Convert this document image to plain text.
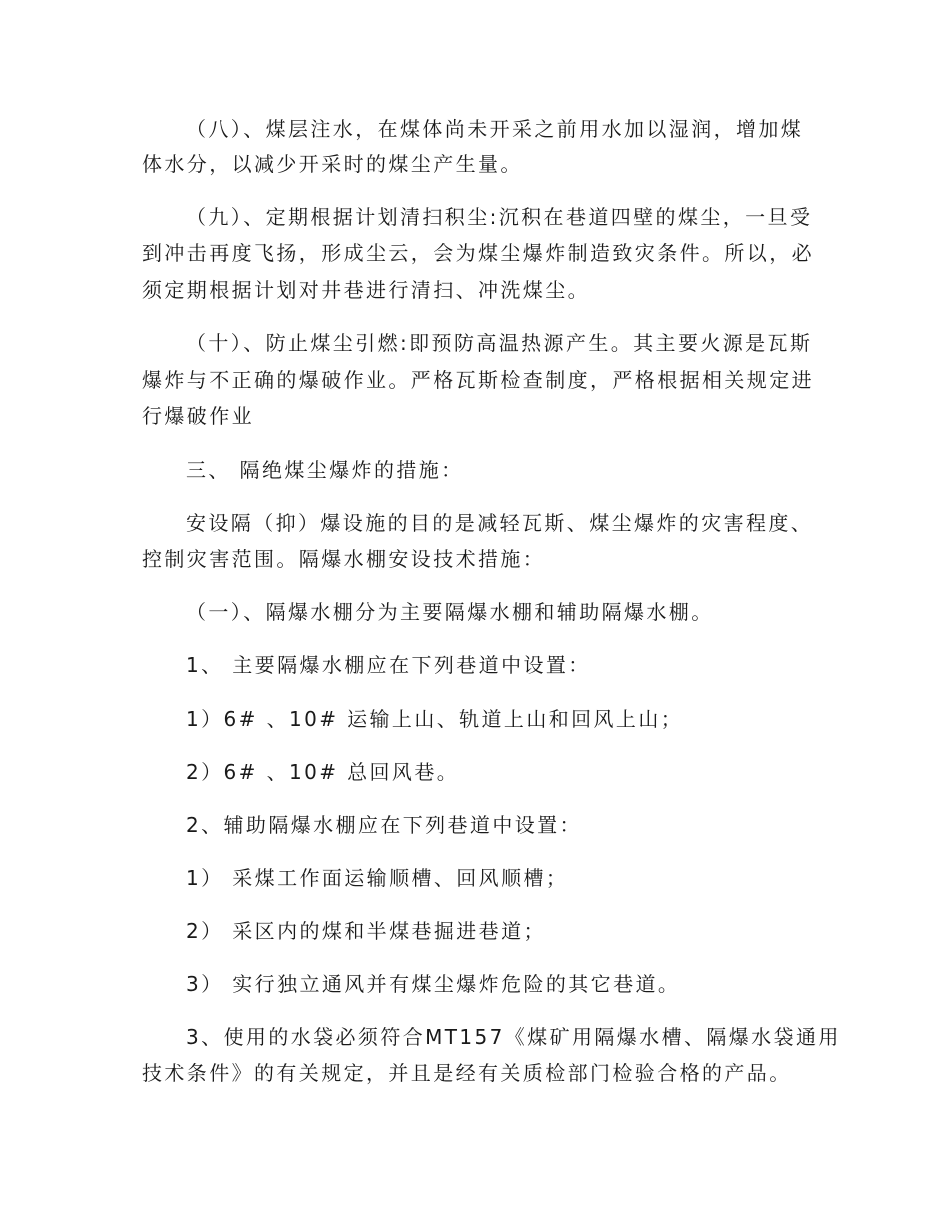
（八）、煤层注水，在煤体尚未开采之前用水加以湿润，增加煤

体水分，以减少开采时的煤尘产生量。

（九）、定期根据计划清扫积尘:沉积在巷道四壁的煤尘，一旦受

到冲击再度飞扬，形成尘云，会为煤尘爆炸制造致灾条件。所以，必

须定期根据计划对井巷进行清扫、冲洗煤尘。

（十）、防止煤尘引燃:即预防高温热源产生。其主要火源是瓦斯

爆炸与不正确的爆破作业。严格瓦斯检查制度，严格根据相关规定进

行爆破作业

三、 隔绝煤尘爆炸的措施：

安设隔（抑）爆设施的目的是减轻瓦斯、煤尘爆炸的灾害程度、

控制灾害范围。隔爆水棚安设技术措施：

（一）、隔爆水棚分为主要隔爆水棚和辅助隔爆水棚。

1、 主要隔爆水棚应在下列巷道中设置：

1）6# 、10# 运输上山、轨道上山和回风上山；

2）6# 、10# 总回风巷。

2、辅助隔爆水棚应在下列巷道中设置：

1） 采煤工作面运输顺槽、回风顺槽；

2） 采区内的煤和半煤巷掘进巷道；

3） 实行独立通风并有煤尘爆炸危险的其它巷道。

3、使用的水袋必须符合MT157《煤矿用隔爆水槽、隔爆水袋通用

技术条件》的有关规定，并且是经有关质检部门检验合格的产品。
